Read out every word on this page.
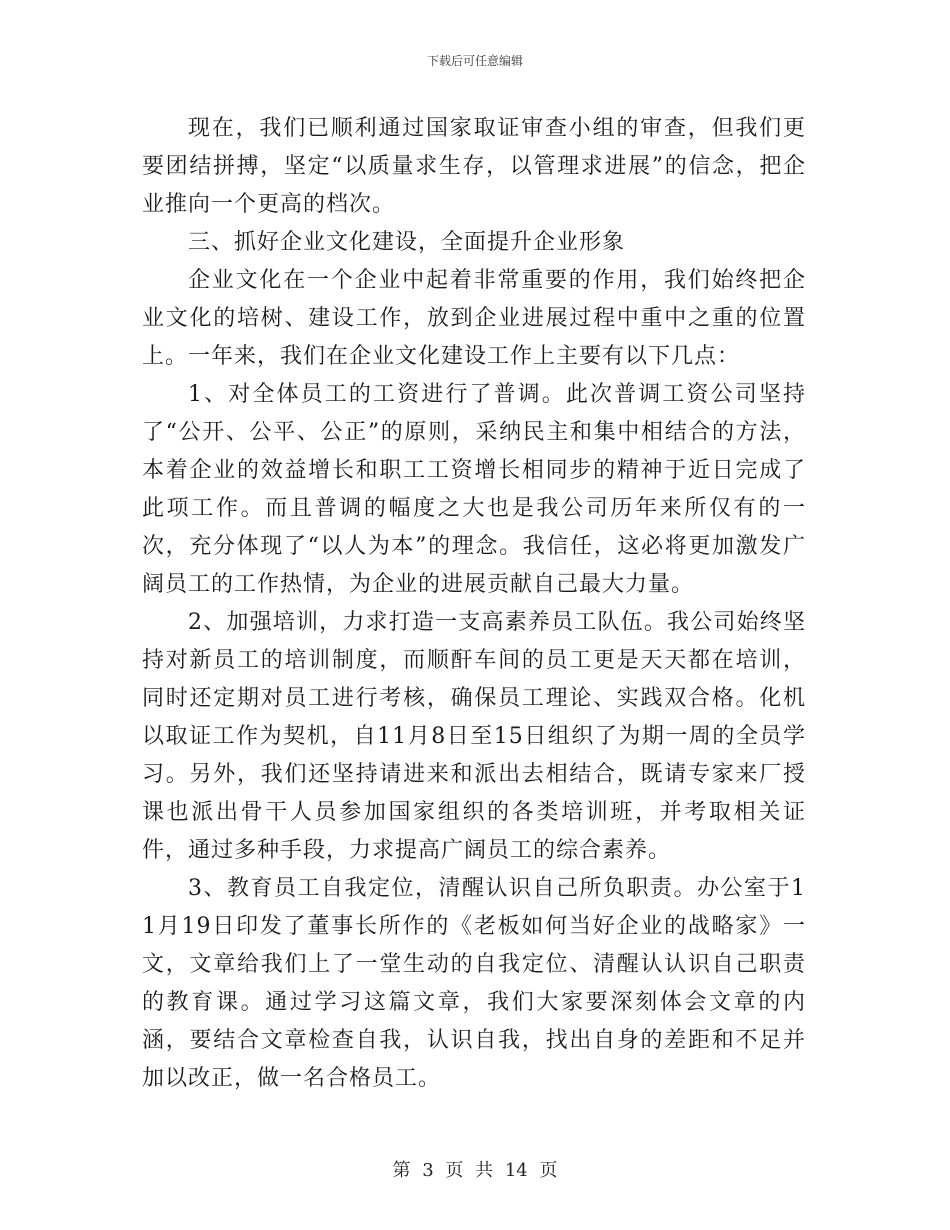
下载后可任意编辑

现在，我们已顺利通过国家取证审查小组的审查，但我们更要团结拼搏，坚定“以质量求生存，以管理求进展”的信念，把企业推向一个更高的档次。

三、抓好企业文化建设，全面提升企业形象

企业文化在一个企业中起着非常重要的作用，我们始终把企业文化的培树、建设工作，放到企业进展过程中重中之重的位置上。一年来，我们在企业文化建设工作上主要有以下几点：

1、对全体员工的工资进行了普调。此次普调工资公司坚持了“公开、公平、公正”的原则，采纳民主和集中相结合的方法，本着企业的效益增长和职工工资增长相同步的精神于近日完成了此项工作。而且普调的幅度之大也是我公司历年来所仅有的一次，充分体现了“以人为本”的理念。我信任，这必将更加激发广阔员工的工作热情，为企业的进展贡献自己最大力量。

2、加强培训，力求打造一支高素养员工队伍。我公司始终坚持对新员工的培训制度，而顺酐车间的员工更是天天都在培训，同时还定期对员工进行考核，确保员工理论、实践双合格。化机以取证工作为契机，自11月8日至15日组织了为期一周的全员学习。另外，我们还坚持请进来和派出去相结合，既请专家来厂授课也派出骨干人员参加国家组织的各类培训班，并考取相关证件，通过多种手段，力求提高广阔员工的综合素养。

3、教育员工自我定位，清醒认识自己所负职责。办公室于11月19日印发了董事长所作的《老板如何当好企业的战略家》一文，文章给我们上了一堂生动的自我定位、清醒认认识自己职责的教育课。通过学习这篇文章，我们大家要深刻体会文章的内涵，要结合文章检查自我，认识自我，找出自身的差距和不足并加以改正，做一名合格员工。

第 3 页 共 14 页
